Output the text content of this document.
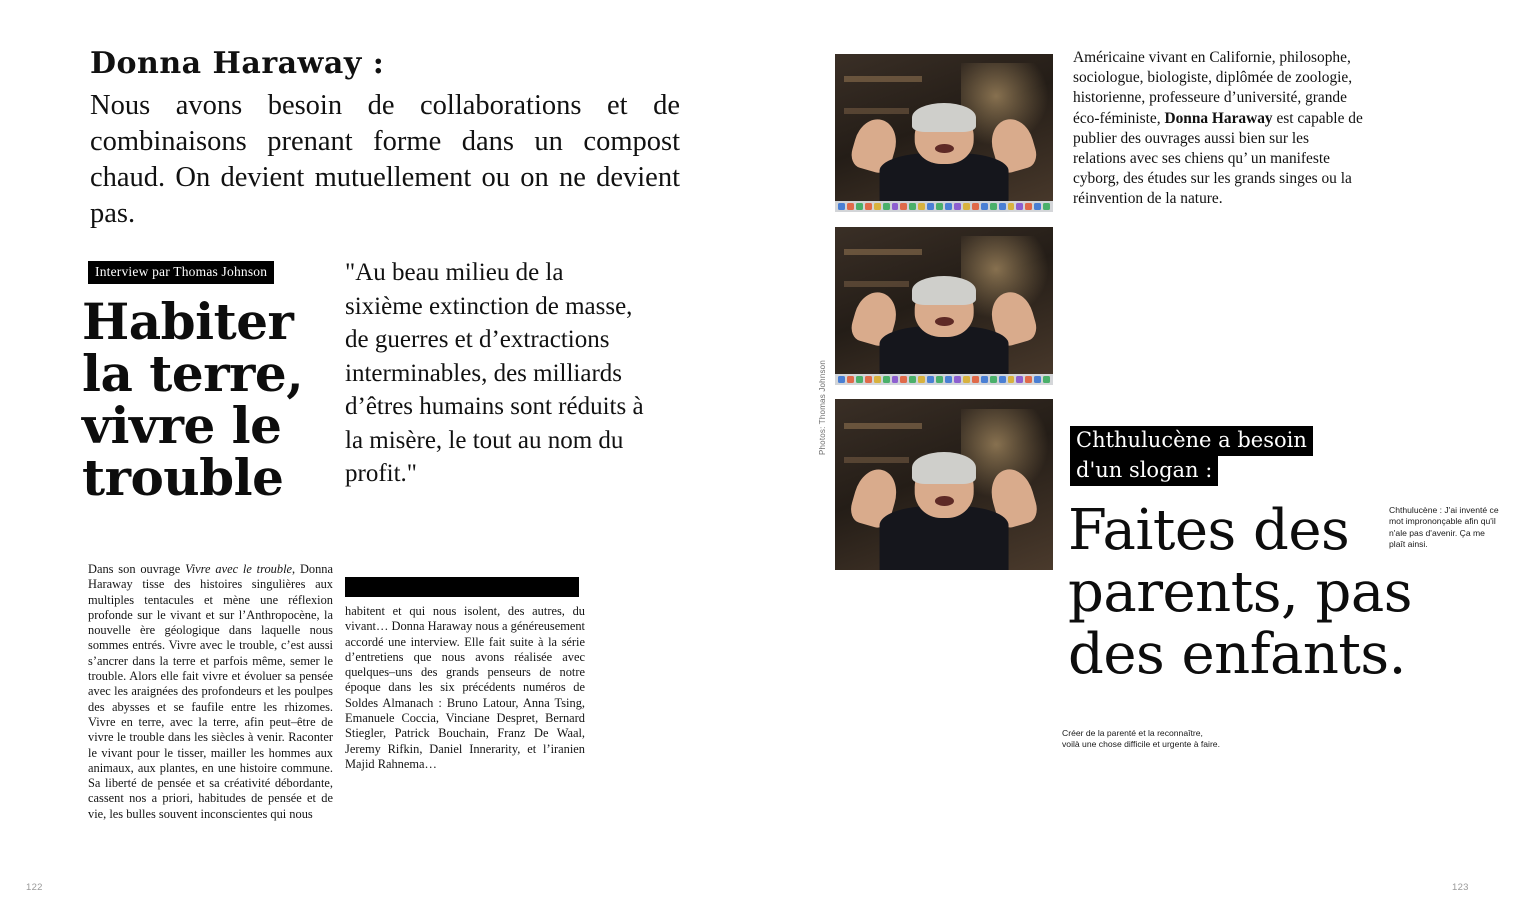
Donna Haraway :
Nous avons besoin de collaborations et de combinaisons prenant forme dans un compost chaud. On devient mutuellement ou on ne devient pas.
Interview par Thomas Johnson
Habiter
la terre,
vivre le
trouble
"Au beau milieu de la sixième extinction de masse, de guerres et d’extractions interminables, des milliards d’êtres humains sont réduits à la misère, le tout au nom du profit."
Dans son ouvrage Vivre avec le trouble, Donna Haraway tisse des histoires singulières aux multiples tentacules et mène une réflexion profonde sur le vivant et sur l’Anthropocène, la nouvelle ère géologique dans laquelle nous sommes entrés. Vivre avec le trouble, c’est aussi s’ancrer dans la terre et parfois même, semer le trouble. Alors elle fait vivre et évoluer sa pensée avec les araignées des profondeurs et les poulpes des abysses et se faufile entre les rhizomes. Vivre en terre, avec la terre, afin peut–être de vivre le trouble dans les siècles à venir. Raconter le vivant pour le tisser, mailler les hommes aux animaux, aux plantes, en une histoire commune. Sa liberté de pensée et sa créativité débordante, cassent nos a priori, habitudes de pensée et de vie, les bulles souvent inconscientes qui nous
habitent et qui nous isolent, des autres, du vivant… Donna Haraway nous a généreusement accordé une interview. Elle fait suite à la série d’entretiens que nous avons réalisée avec quelques–uns des grands penseurs de notre époque dans les six précédents numéros de Soldes Almanach : Bruno Latour, Anna Tsing, Emanuele Coccia, Vinciane Despret, Bernard Stiegler, Patrick Bouchain, Franz De Waal, Jeremy Rifkin, Daniel Innerarity, et l’iranien Majid Rahnema…
122
Photos: Thomas Johnson
Américaine vivant en Californie, philosophe, sociologue, biologiste, diplômée de zoologie, historienne, professeure d’université, grande éco-féministe, Donna Haraway est capable de publier des ouvrages aussi bien sur les relations avec ses chiens qu’ un manifeste cyborg, des études sur les grands singes ou la réinvention de la nature.
Chthulucène a besoin
d'un slogan :
Faites des
parents, pas
des enfants.
Chthulucène : J'ai inventé ce mot imprononçable afin qu'il n'ale pas d'avenir. Ça me plaît ainsi.
Créer de la parenté et la reconnaître, voilà une chose difficile et urgente à faire.
123
